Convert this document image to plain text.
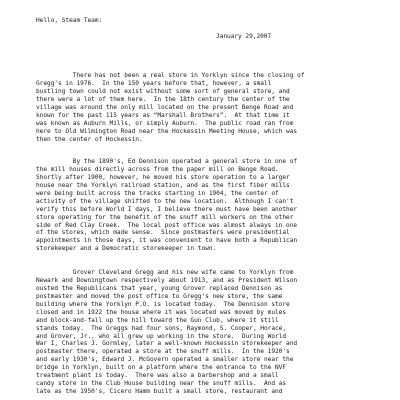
Hello, Steam Team:
January 29,2007
There has not been a real store in Yorklyn since the closing of
Gregg's in 1976.  In the 150 years before that, however, a small
bustling town could not exist without some sort of general store, and
there were a lot of them here.  In the 18th century the center of the
village was around the only mill located on the present Benge Road and
known for the past 115 years as “Marshall Brothers”.  At that time it
was known as Auburn Mills, or simply Auburn.  The public road ran from
here to Old Wilmington Road near the Hockessin Meeting House, which was
then the center of Hockessin.
By the 1890's, Ed Dennison operated a general store in one of
the mill houses directly across from the paper mill on Benge Road.
Shortly after 1900, however, he moved his store operation to a larger
house near the Yorklyn railroad station, and as the first fiber mills
were being built across the tracks starting in 1904, the center of
activity of the village shifted to the new location.  Although I can't
verify this before World I days, I believe there must have been another
store operating for the benefit of the snuff mill workers on the other
side of Red Clay Creek.  The local post office was almost always in one
of the stores, which made sense.  Since postmasters were presidential
appointments in those days, it was convenient to have both a Republican
storekeeper and a Democratic storekeeper in town.
Grover Cleveland Gregg and his new wife came to Yorklyn from
Newark and Downingtown respectively about 1913, and as President Wilson
ousted the Republicans that year, young Grover replaced Dennison as
postmaster and moved the post office to Gregg's new store, the same
building where the Yorklyn P.O. is located today.  The Dennison store
closed and in 1922 the house where it was located was moved by mules
and block-and-fall up the hill toward the Gun Club, where it still
stands today.  The Greggs had four sons, Raymond, S. Cooper, Horace,
and Grover, Jr., who all grew up working in the store.  During World
War I, Charles J. Gormley, later a well-known Hockessin storekeeper and
postmaster there, operated a store at the snuff mills.  In the 1920's
and early 1930's, Edward J. McGovern operated a smaller store near the
bridge in Yorklyn, built on a platform where the entrance to the NVF
treatment plant is today.  There was also a barbershop and a small
candy store in the Club House building near the snuff mills.  And as
late as the 1950's, Cicero Hamm built a small store, restaurant and
